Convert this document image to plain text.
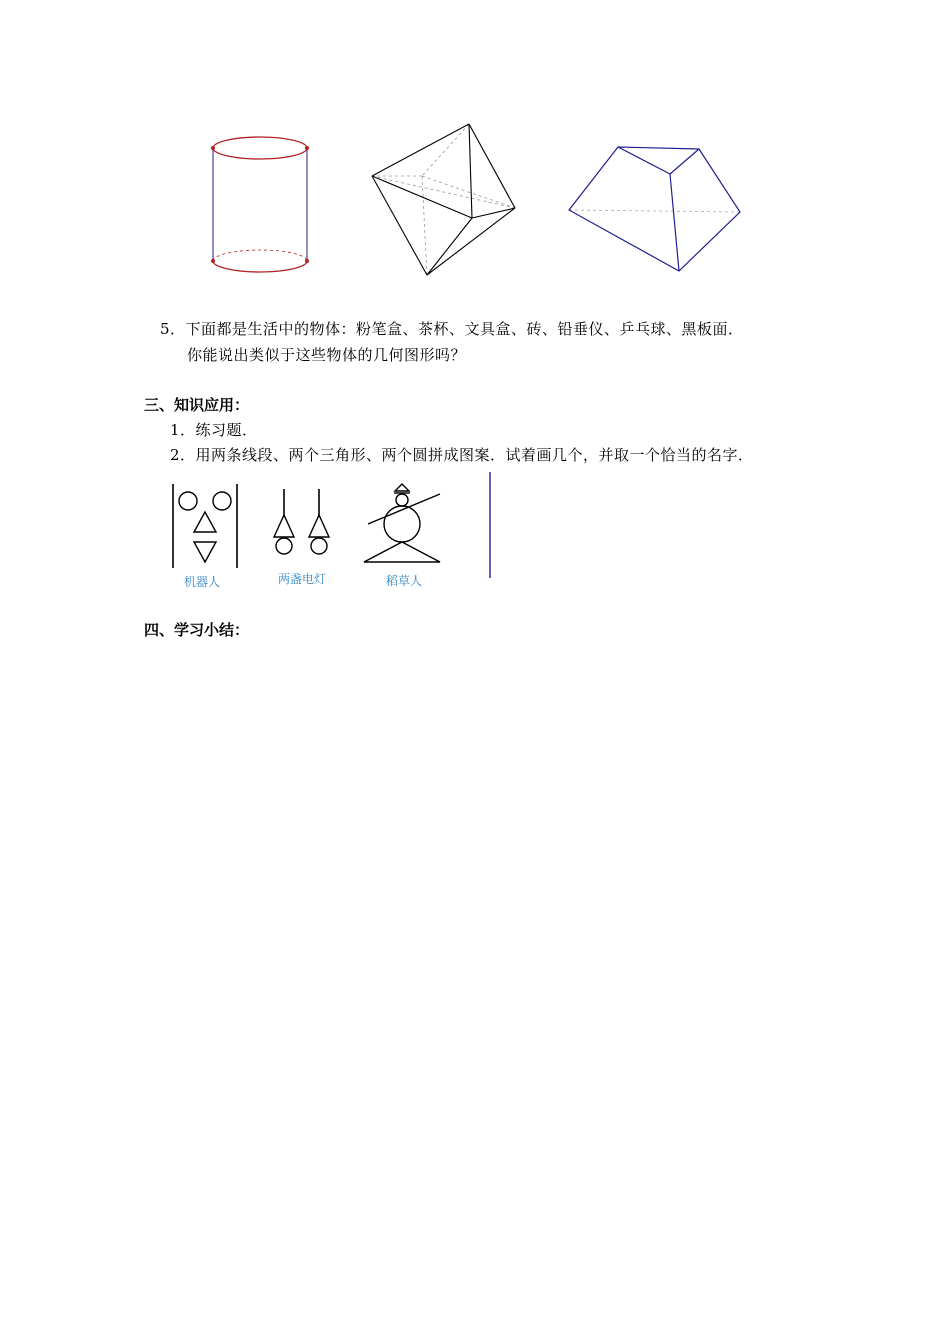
5．下面都是生活中的物体：粉笔盒、茶杯、文具盒、砖、铅垂仪、乒乓球、黑板面．
你能说出类似于这些物体的几何图形吗？
三、知识应用：
1．练习题．
2．用两条线段、两个三角形、两个圆拼成图案．试着画几个，并取一个恰当的名字．
机器人	两盏电灯	稻草人
四、学习小结：
